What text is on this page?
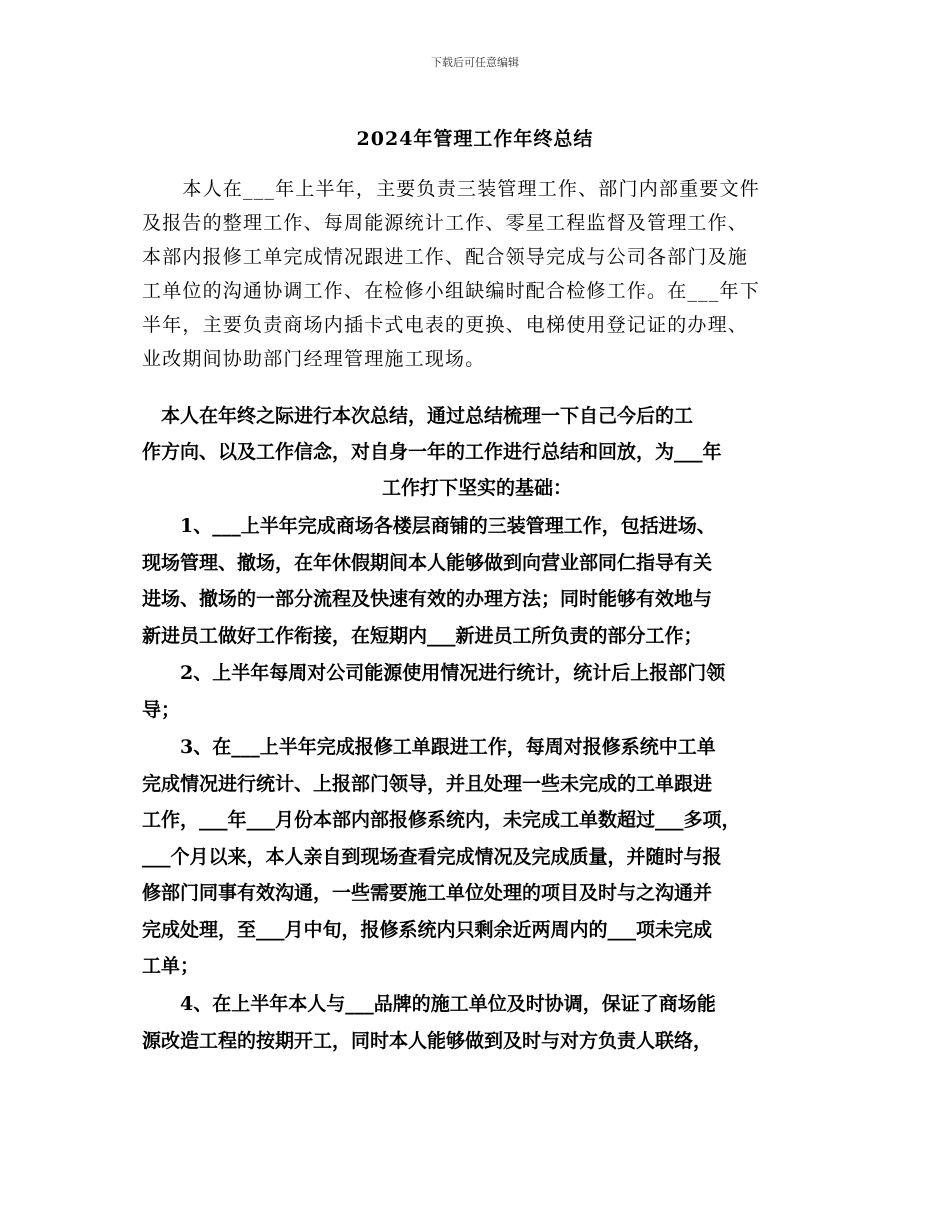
下载后可任意编辑
2024年管理工作年终总结
　　本人在___年上半年，主要负责三装管理工作、部门内部重要文件
及报告的整理工作、每周能源统计工作、零星工程监督及管理工作、
本部内报修工单完成情况跟进工作、配合领导完成与公司各部门及施
工单位的沟通协调工作、在检修小组缺编时配合检修工作。在___年下
半年，主要负责商场内插卡式电表的更换、电梯使用登记证的办理、
业改期间协助部门经理管理施工现场。
　本人在年终之际进行本次总结，通过总结梳理一下自己今后的工
作方向、以及工作信念，对自身一年的工作进行总结和回放，为___年
工作打下坚实的基础：
　　1、___上半年完成商场各楼层商铺的三装管理工作，包括进场、
现场管理、撤场，在年休假期间本人能够做到向营业部同仁指导有关
进场、撤场的一部分流程及快速有效的办理方法；同时能够有效地与
新进员工做好工作衔接，在短期内___新进员工所负责的部分工作；
　　2、上半年每周对公司能源使用情况进行统计，统计后上报部门领
导；
　　3、在___上半年完成报修工单跟进工作，每周对报修系统中工单
完成情况进行统计、上报部门领导，并且处理一些未完成的工单跟进
工作，___年___月份本部内部报修系统内，未完成工单数超过___多项，
___个月以来，本人亲自到现场查看完成情况及完成质量，并随时与报
修部门同事有效沟通，一些需要施工单位处理的项目及时与之沟通并
完成处理，至___月中旬，报修系统内只剩余近两周内的___项未完成
工单；
　　4、在上半年本人与___品牌的施工单位及时协调，保证了商场能
源改造工程的按期开工，同时本人能够做到及时与对方负责人联络，
